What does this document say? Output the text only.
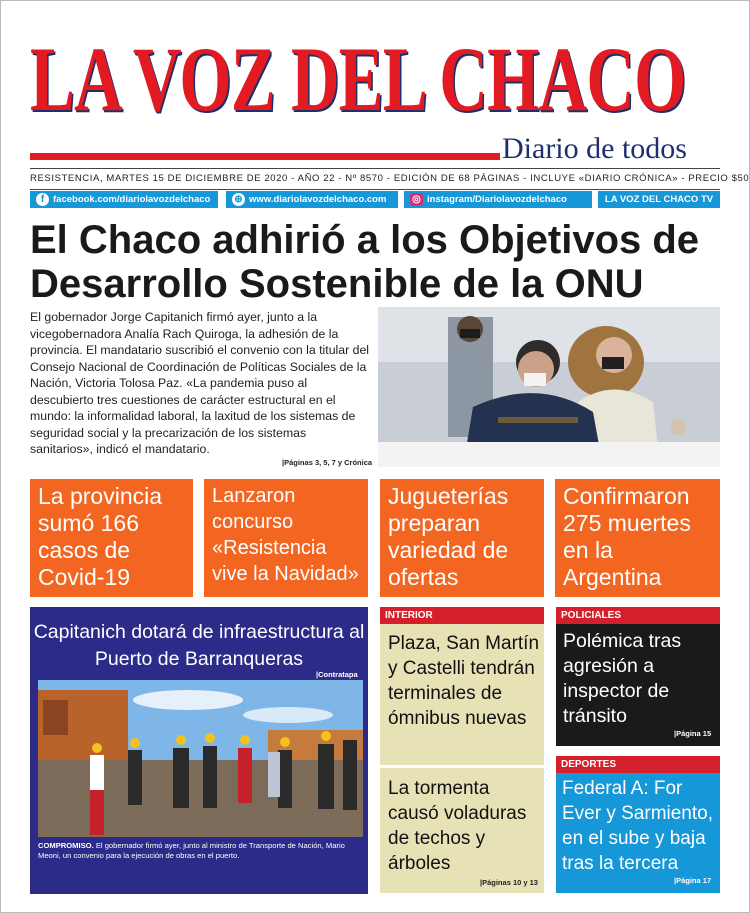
LA VOZ DEL CHACO
Diario de todos
RESISTENCIA, MARTES 15 DE DICIEMBRE DE 2020 - AÑO 22 - Nº 8570 - EDICIÓN DE 68 PÁGINAS - INCLUYE «DIARIO CRÓNICA» - PRECIO $50
f facebook.com/diariolavozdelchaco	⊕ www.diariolavozdelchaco.com	◎ instagram/Diariolavozdelchaco	LA VOZ DEL CHACO TV
El Chaco adhirió a los Objetivos de Desarrollo Sostenible de la ONU
El gobernador Jorge Capitanich firmó ayer, junto a la vicegobernadora Analía Rach Quiroga, la adhesión de la provincia. El mandatario suscribió el convenio con la titular del Consejo Nacional de Coordinación de Políticas Sociales de la Nación, Victoria Tolosa Paz. «La pandemia puso al descubierto tres cuestiones de carácter estructural en el mundo: la informalidad laboral, la laxitud de los sistemas de seguridad social y la precarización de los sistemas sanitarios», indicó el mandatario.
|Páginas 3, 5, 7 y Crónica
La provincia sumó 166 casos de Covid-19
Lanzaron concurso «Resistencia vive la Navidad»
Jugueterías preparan variedad de ofertas
Confirmaron 275 muertes en la Argentina
Capitanich dotará de infraestructura al Puerto de Barranqueras
|Contratapa
COMPROMISO. El gobernador firmó ayer, junto al ministro de Transporte de Nación, Mario Meoni, un convenio para la ejecución de obras en el puerto.
INTERIOR
Plaza, San Martín y Castelli tendrán terminales de ómnibus nuevas
La tormenta causó voladuras de techos y árboles
|Páginas 10 y 13
POLICIALES
Polémica tras agresión a inspector de tránsito
|Página 15
DEPORTES
Federal A: For Ever y Sarmiento, en el sube y baja tras la tercera
|Página 17
